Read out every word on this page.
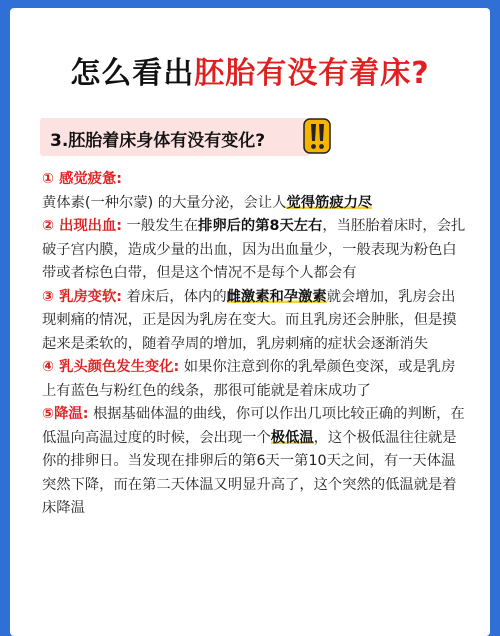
怎么看出胚胎有没有着床?
3.胚胎着床身体有没有变化?

① 感觉疲惫:

黄体素(一种尔蒙) 的大量分泌，会让人觉得筋疲力尽

② 出现出血: 一般发生在排卵后的第8天左右，当胚胎着床时，会扎破子宫内膜，造成少量的出血，因为出血量少，一般表现为粉色白带或者棕色白带，但是这个情况不是每个人都会有

③ 乳房变软: 着床后，体内的雌激素和孕激素就会增加，乳房会出现刺痛的情况，正是因为乳房在变大。而且乳房还会肿胀，但是摸起来是柔软的，随着孕周的增加，乳房刺痛的症状会逐渐消失

④ 乳头颜色发生变化: 如果你注意到你的乳晕颜色变深，或是乳房上有蓝色与粉红色的线条，那很可能就是着床成功了

⑤降温: 根据基础体温的曲线，你可以作出几项比较正确的判断，在低温向高温过度的时候，会出现一个极低温，这个极低温往往就是你的排卵日。当发现在排卵后的第6天一第10天之间，有一天体温突然下降，而在第二天体温又明显升高了，这个突然的低温就是着床降温
